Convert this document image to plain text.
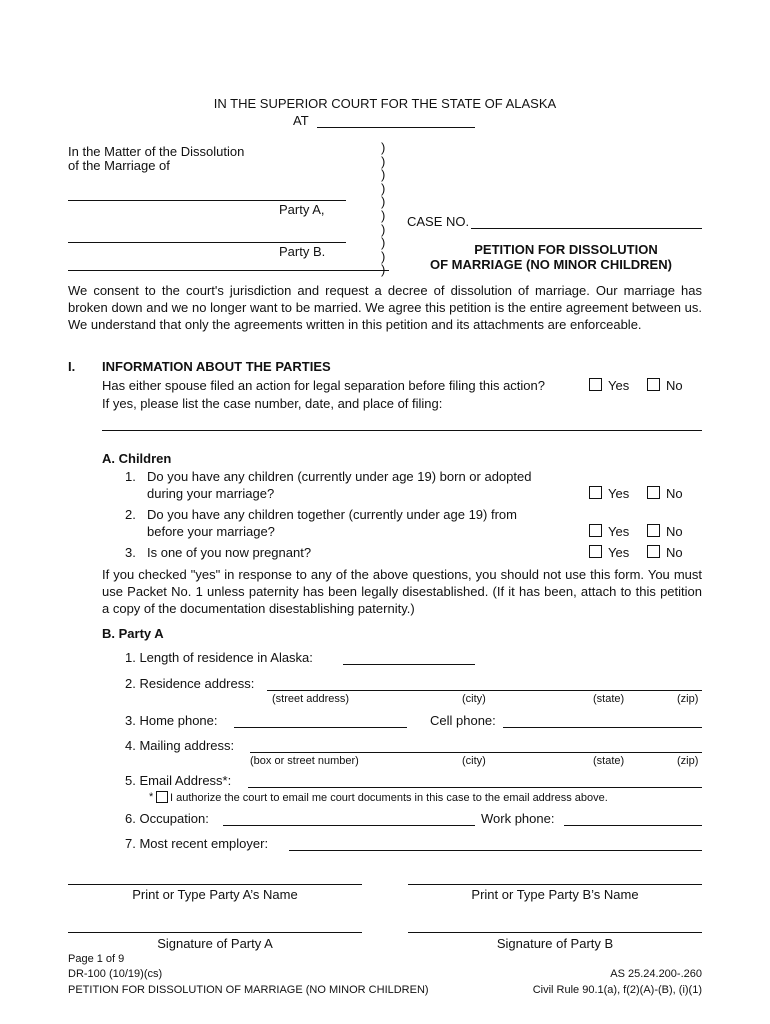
IN THE SUPERIOR COURT FOR THE STATE OF ALASKA
AT
In the Matter of the Dissolution
of the Marriage of
Party A,
Party B.
)
)
)
)
)
)
)
)
)
)
CASE NO.
PETITION FOR DISSOLUTION
OF MARRIAGE (NO MINOR CHILDREN)
We consent to the court's jurisdiction and request a decree of dissolution of marriage. Our marriage has broken down and we no longer want to be married. We agree this petition is the entire agreement between us. We understand that only the agreements written in this petition and its attachments are enforceable.
I. INFORMATION ABOUT THE PARTIES
Has either spouse filed an action for legal separation before filing this action?	Yes	No
If yes, please list the case number, date, and place of filing:
A. Children
1. Do you have any children (currently under age 19) born or adopted
during your marriage?	Yes	No
2. Do you have any children together (currently under age 19) from
before your marriage?	Yes	No
3. Is one of you now pregnant?	Yes	No
If you checked "yes" in response to any of the above questions, you should not use this form. You must use Packet No. 1 unless paternity has been legally disestablished. (If it has been, attach to this petition a copy of the documentation disestablishing paternity.)
B. Party A
1. Length of residence in Alaska:
2. Residence address:
(street address)	(city)	(state)	(zip)
3. Home phone:	Cell phone:
4. Mailing address:
(box or street number)	(city)	(state)	(zip)
5. Email Address*:
* I authorize the court to email me court documents in this case to the email address above.
6. Occupation:	Work phone:
7. Most recent employer:
Print or Type Party A’s Name	Print or Type Party B’s Name
Signature of Party A	Signature of Party B
Page 1 of 9
DR-100 (10/19)(cs)
PETITION FOR DISSOLUTION OF MARRIAGE (NO MINOR CHILDREN)
AS 25.24.200-.260
Civil Rule 90.1(a), f(2)(A)-(B), (i)(1)
